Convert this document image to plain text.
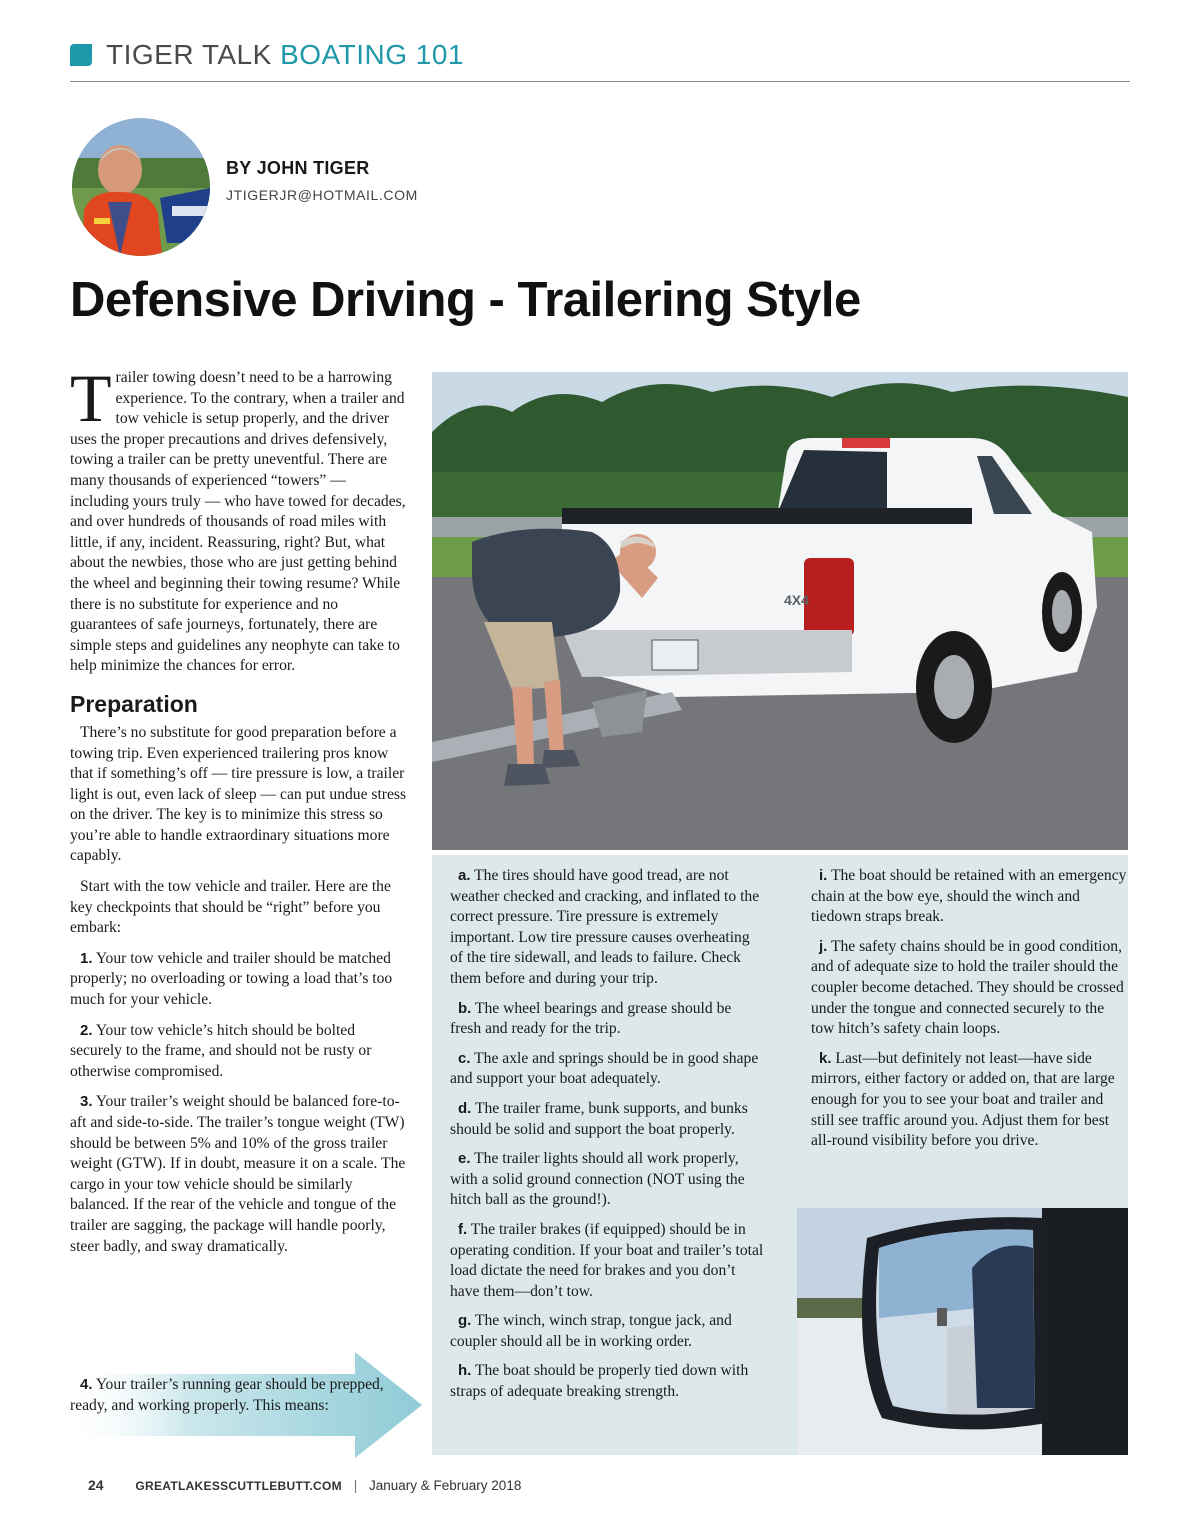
TIGER TALK BOATING 101
BY JOHN TIGER
JTIGERJR@HOTMAIL.COM
Defensive Driving - Trailering Style

Trailer towing doesn’t need to be a harrowing experience. To the contrary, when a trailer and tow vehicle is setup properly, and the driver uses the proper precautions and drives defensively, towing a trailer can be pretty uneventful. There are many thousands of experienced “towers” — including yours truly — who have towed for decades, and over hundreds of thousands of road miles with little, if any, incident. Reassuring, right? But, what about the newbies, those who are just getting behind the wheel and beginning their towing resume? While there is no substitute for experience and no guarantees of safe journeys, fortunately, there are simple steps and guidelines any neophyte can take to help minimize the chances for error.

Preparation

There’s no substitute for good preparation before a towing trip. Even experienced trailering pros know that if something’s off — tire pressure is low, a trailer light is out, even lack of sleep — can put undue stress on the driver. The key is to minimize this stress so you’re able to handle extraordinary situations more capably.

Start with the tow vehicle and trailer. Here are the key checkpoints that should be “right” before you embark:

1. Your tow vehicle and trailer should be matched properly; no overloading or towing a load that’s too much for your vehicle.

2. Your tow vehicle’s hitch should be bolted securely to the frame, and should not be rusty or otherwise compromised.

3. Your trailer’s weight should be balanced fore-to-aft and side-to-side. The trailer’s tongue weight (TW) should be between 5% and 10% of the gross trailer weight (GTW). If in doubt, measure it on a scale. The cargo in your tow vehicle should be similarly balanced. If the rear of the vehicle and tongue of the trailer are sagging, the package will handle poorly, steer badly, and sway dramatically.

4. Your trailer’s running gear should be prepped, ready, and working properly. This means:

4X4

a. The tires should have good tread, are not weather checked and cracking, and inflated to the correct pressure. Tire pressure is extremely important. Low tire pressure causes overheating of the tire sidewall, and leads to failure. Check them before and during your trip.

b. The wheel bearings and grease should be fresh and ready for the trip.

c. The axle and springs should be in good shape and support your boat adequately.

d. The trailer frame, bunk supports, and bunks should be solid and support the boat properly.

e. The trailer lights should all work properly, with a solid ground connection (NOT using the hitch ball as the ground!).

f. The trailer brakes (if equipped) should be in operating condition. If your boat and trailer’s total load dictate the need for brakes and you don’t have them—don’t tow.

g. The winch, winch strap, tongue jack, and coupler should all be in working order.

h. The boat should be properly tied down with straps of adequate breaking strength.

i. The boat should be retained with an emergency chain at the bow eye, should the winch and tiedown straps break.

j. The safety chains should be in good condition, and of adequate size to hold the trailer should the coupler become detached. They should be crossed under the tongue and connected securely to the tow hitch’s safety chain loops.

k. Last—but definitely not least—have side mirrors, either factory or added on, that are large enough for you to see your boat and trailer and still see traffic around you. Adjust them for best all-round visibility before you drive.

24	GREATLAKESSCUTTLEBUTT.COM | January & February 2018
